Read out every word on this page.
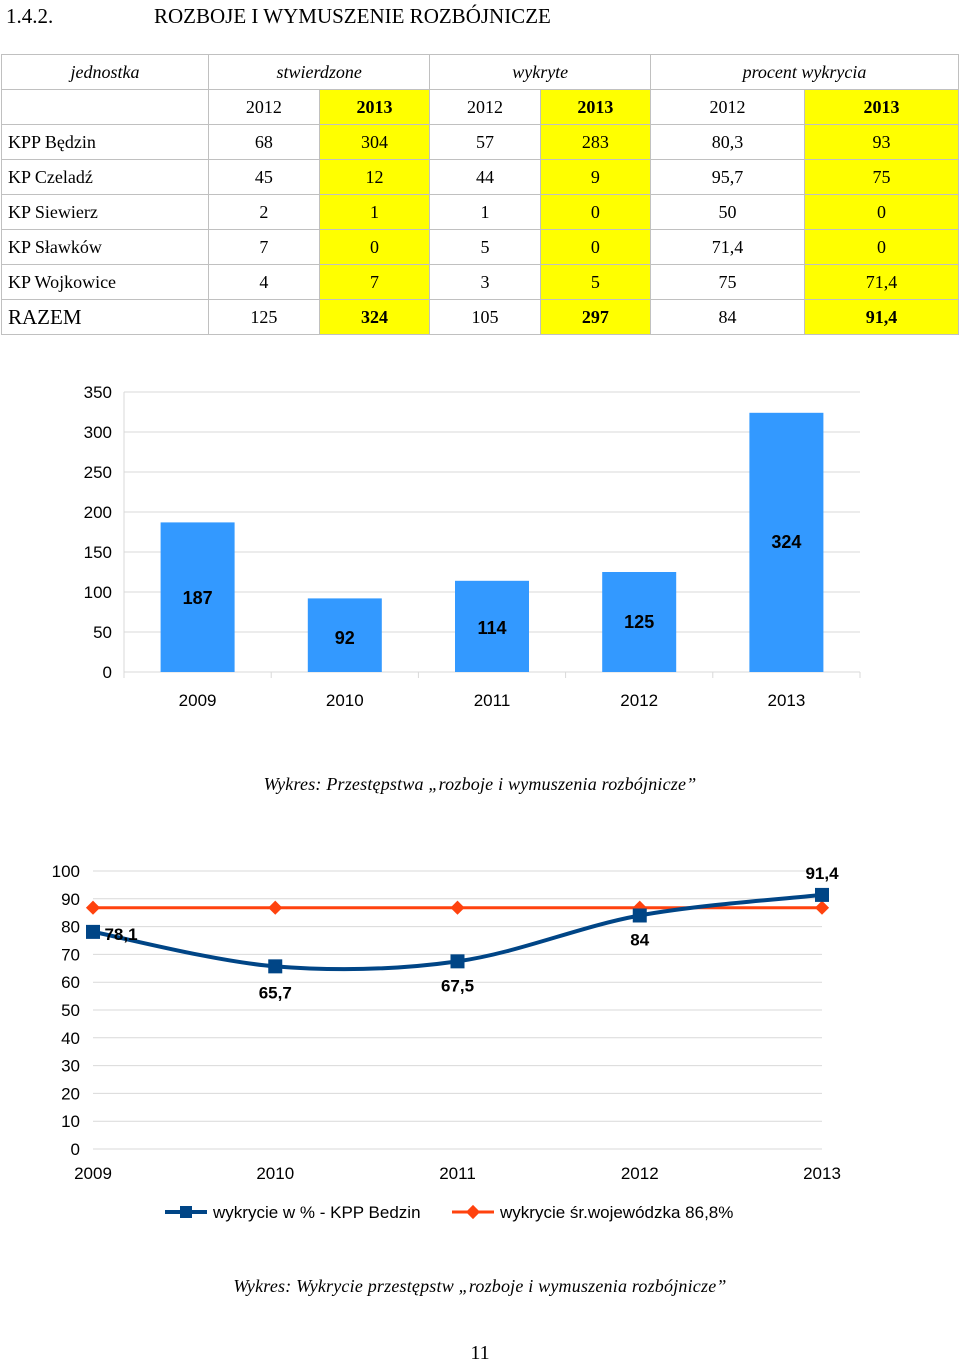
1.4.2.	ROZBOJE I WYMUSZENIE ROZBÓJNICZE
jednostka	stwierdzone		wykryte		procent wykrycia	
	2012	2013	2012	2013	2012	2013
KPP Będzin	68	304	57	283	80,3	93
KP Czeladź	45	12	44	9	95,7	75
KP Siewierz	2	1	1	0	50	0
KP Sławków	7	0	5	0	71,4	0
KP Wojkowice	4	7	3	5	75	71,4
RAZEM	125	324	105	297	84	91,4
0
50
100
150
200
250
300
350
187
2009
92
2010
114
2011
125
2012
324
2013
Wykres: Przestępstwa „rozboje i wymuszenia rozbójnicze”
0
10
20
30
40
50
60
70
80
90
100
2009	2010	2011	2012	2013
78,1
65,7	67,5
84
91,4
wykrycie w % - KPP Bedzin	wykrycie śr.wojewódzka 86,8%
Wykres: Wykrycie przestępstw „rozboje i wymuszenia rozbójnicze”
11
